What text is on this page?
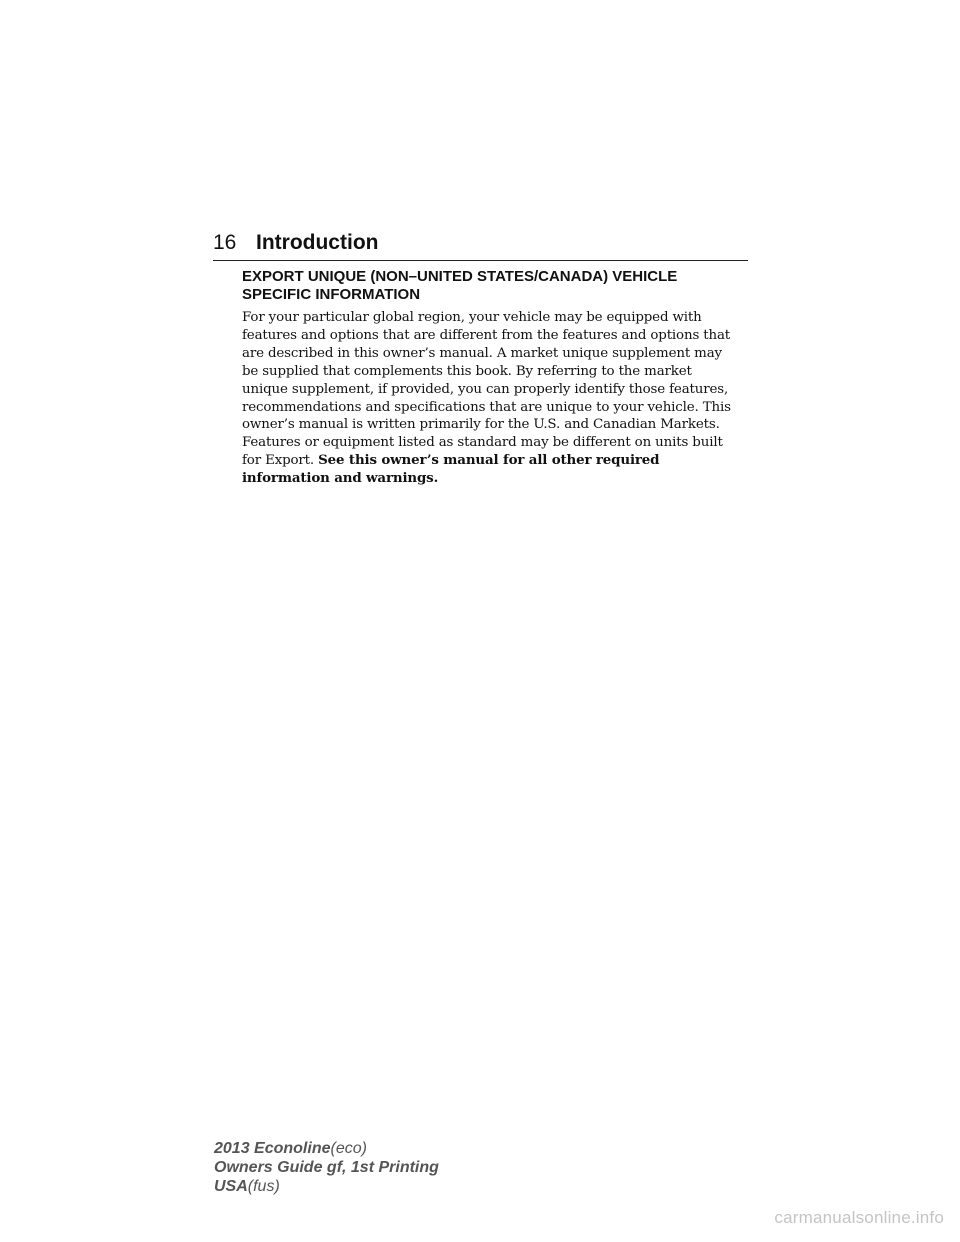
16 Introduction
EXPORT UNIQUE (NON–UNITED STATES/CANADA) VEHICLE
SPECIFIC INFORMATION

For your particular global region, your vehicle may be equipped with
features and options that are different from the features and options that
are described in this owner’s manual. A market unique supplement may
be supplied that complements this book. By referring to the market
unique supplement, if provided, you can properly identify those features,
recommendations and specifications that are unique to your vehicle. This
owner’s manual is written primarily for the U.S. and Canadian Markets.
Features or equipment listed as standard may be different on units built
for Export. See this owner’s manual for all other required
information and warnings.

2013 Econoline(eco)
Owners Guide gf, 1st Printing
USA(fus)
carmanualsonline.info
